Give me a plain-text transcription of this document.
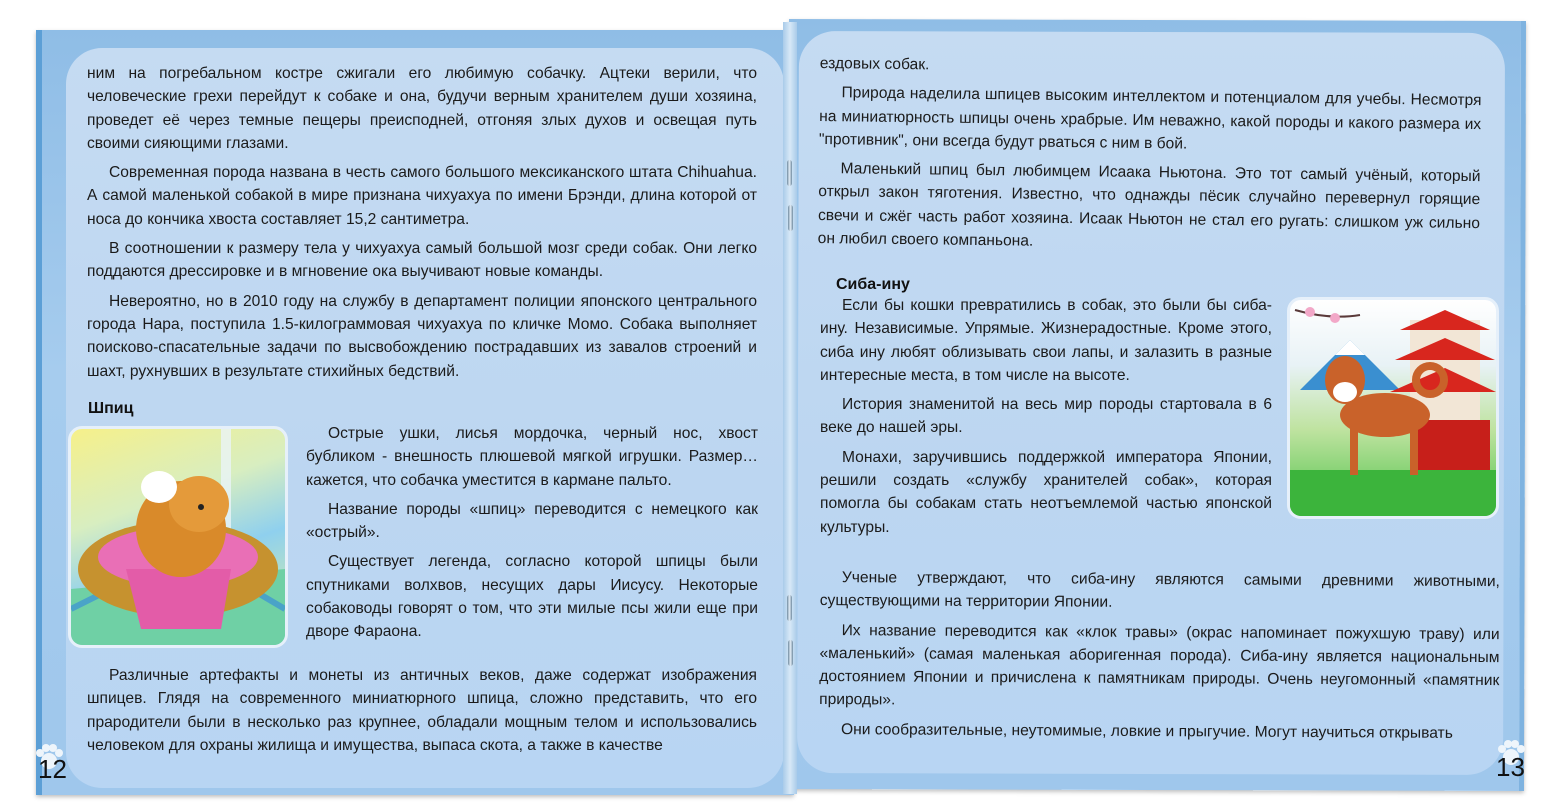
ним на погребальном костре сжигали его любимую собачку. Ацтеки верили, что человеческие грехи перейдут к собаке и она, будучи верным хранителем души хозяина, проведет её через темные пещеры преисподней, отгоняя злых духов и освещая путь своими сияющими глазами.

Современная порода названа в честь самого большого мексиканского штата Chihuahua. А самой маленькой собакой в мире признана чихуахуа по имени Брэнди, длина которой от носа до кончика хвоста составляет 15,2 сантиметра.

В соотношении к размеру тела у чихуахуа самый большой мозг среди собак. Они легко поддаются дрессировке и в мгновение ока выучивают новые команды.

Невероятно, но в 2010 году на службу в департамент полиции японского центрального города Нара, поступила 1.5-килограммовая чихуахуа по кличке Момо. Собака выполняет поисково-спасательные задачи по высвобождению пострадавших из завалов строений и шахт, рухнувших в результате стихийных бедствий.

Шпиц

Острые ушки, лисья мордочка, черный нос, хвост бубликом - внешность плюшевой мягкой игрушки. Размер… кажется, что собачка уместится в кармане пальто.

Название породы «шпиц» переводится с немецкого как «острый».

Существует легенда, согласно которой шпицы были спутниками волхвов, несущих дары Иисусу. Некоторые собаководы говорят о том, что эти милые псы жили еще при дворе Фараона.

Различные артефакты и монеты из античных веков, даже содержат изображения шпицев. Глядя на современного миниатюрного шпица, сложно представить, что его прародители были в несколько раз крупнее, обладали мощным телом и использовались человеком для охраны жилища и имущества, выпаса скота, а также в качестве

12

ездовых собак.

Природа наделила шпицев высоким интеллектом и потенциалом для учебы. Несмотря на миниатюрность шпицы очень храбрые. Им неважно, какой породы и какого размера их "противник", они всегда будут рваться с ним в бой.

Маленький шпиц был любимцем Исаака Ньютона. Это тот самый учёный, который открыл закон тяготения. Известно, что однажды пёсик случайно перевернул горящие свечи и сжёг часть работ хозяина. Исаак Ньютон не стал его ругать: слишком уж сильно он любил своего компаньона.

Сиба-ину

Если бы кошки превратились в собак, это были бы сиба-ину. Независимые. Упрямые. Жизнерадостные. Кроме этого, сиба ину любят облизывать свои лапы, и залазить в разные интересные места, в том числе на высоте.

История знаменитой на весь мир породы стартовала в 6 веке до нашей эры.

Монахи, заручившись поддержкой императора Японии, решили создать «службу хранителей собак», которая помогла бы собакам стать неотъемлемой частью японской культуры.

Ученые утверждают, что сиба-ину являются самыми древними животными, существующими на территории Японии.

Их название переводится как «клок травы» (окрас напоминает пожухшую траву) или «маленький» (самая маленькая аборигенная порода). Сиба-ину является национальным достоянием Японии и причислена к памятникам природы. Очень неугомонный «памятник природы».

Они сообразительные, неутомимые, ловкие и прыгучие. Могут научиться открывать

13
